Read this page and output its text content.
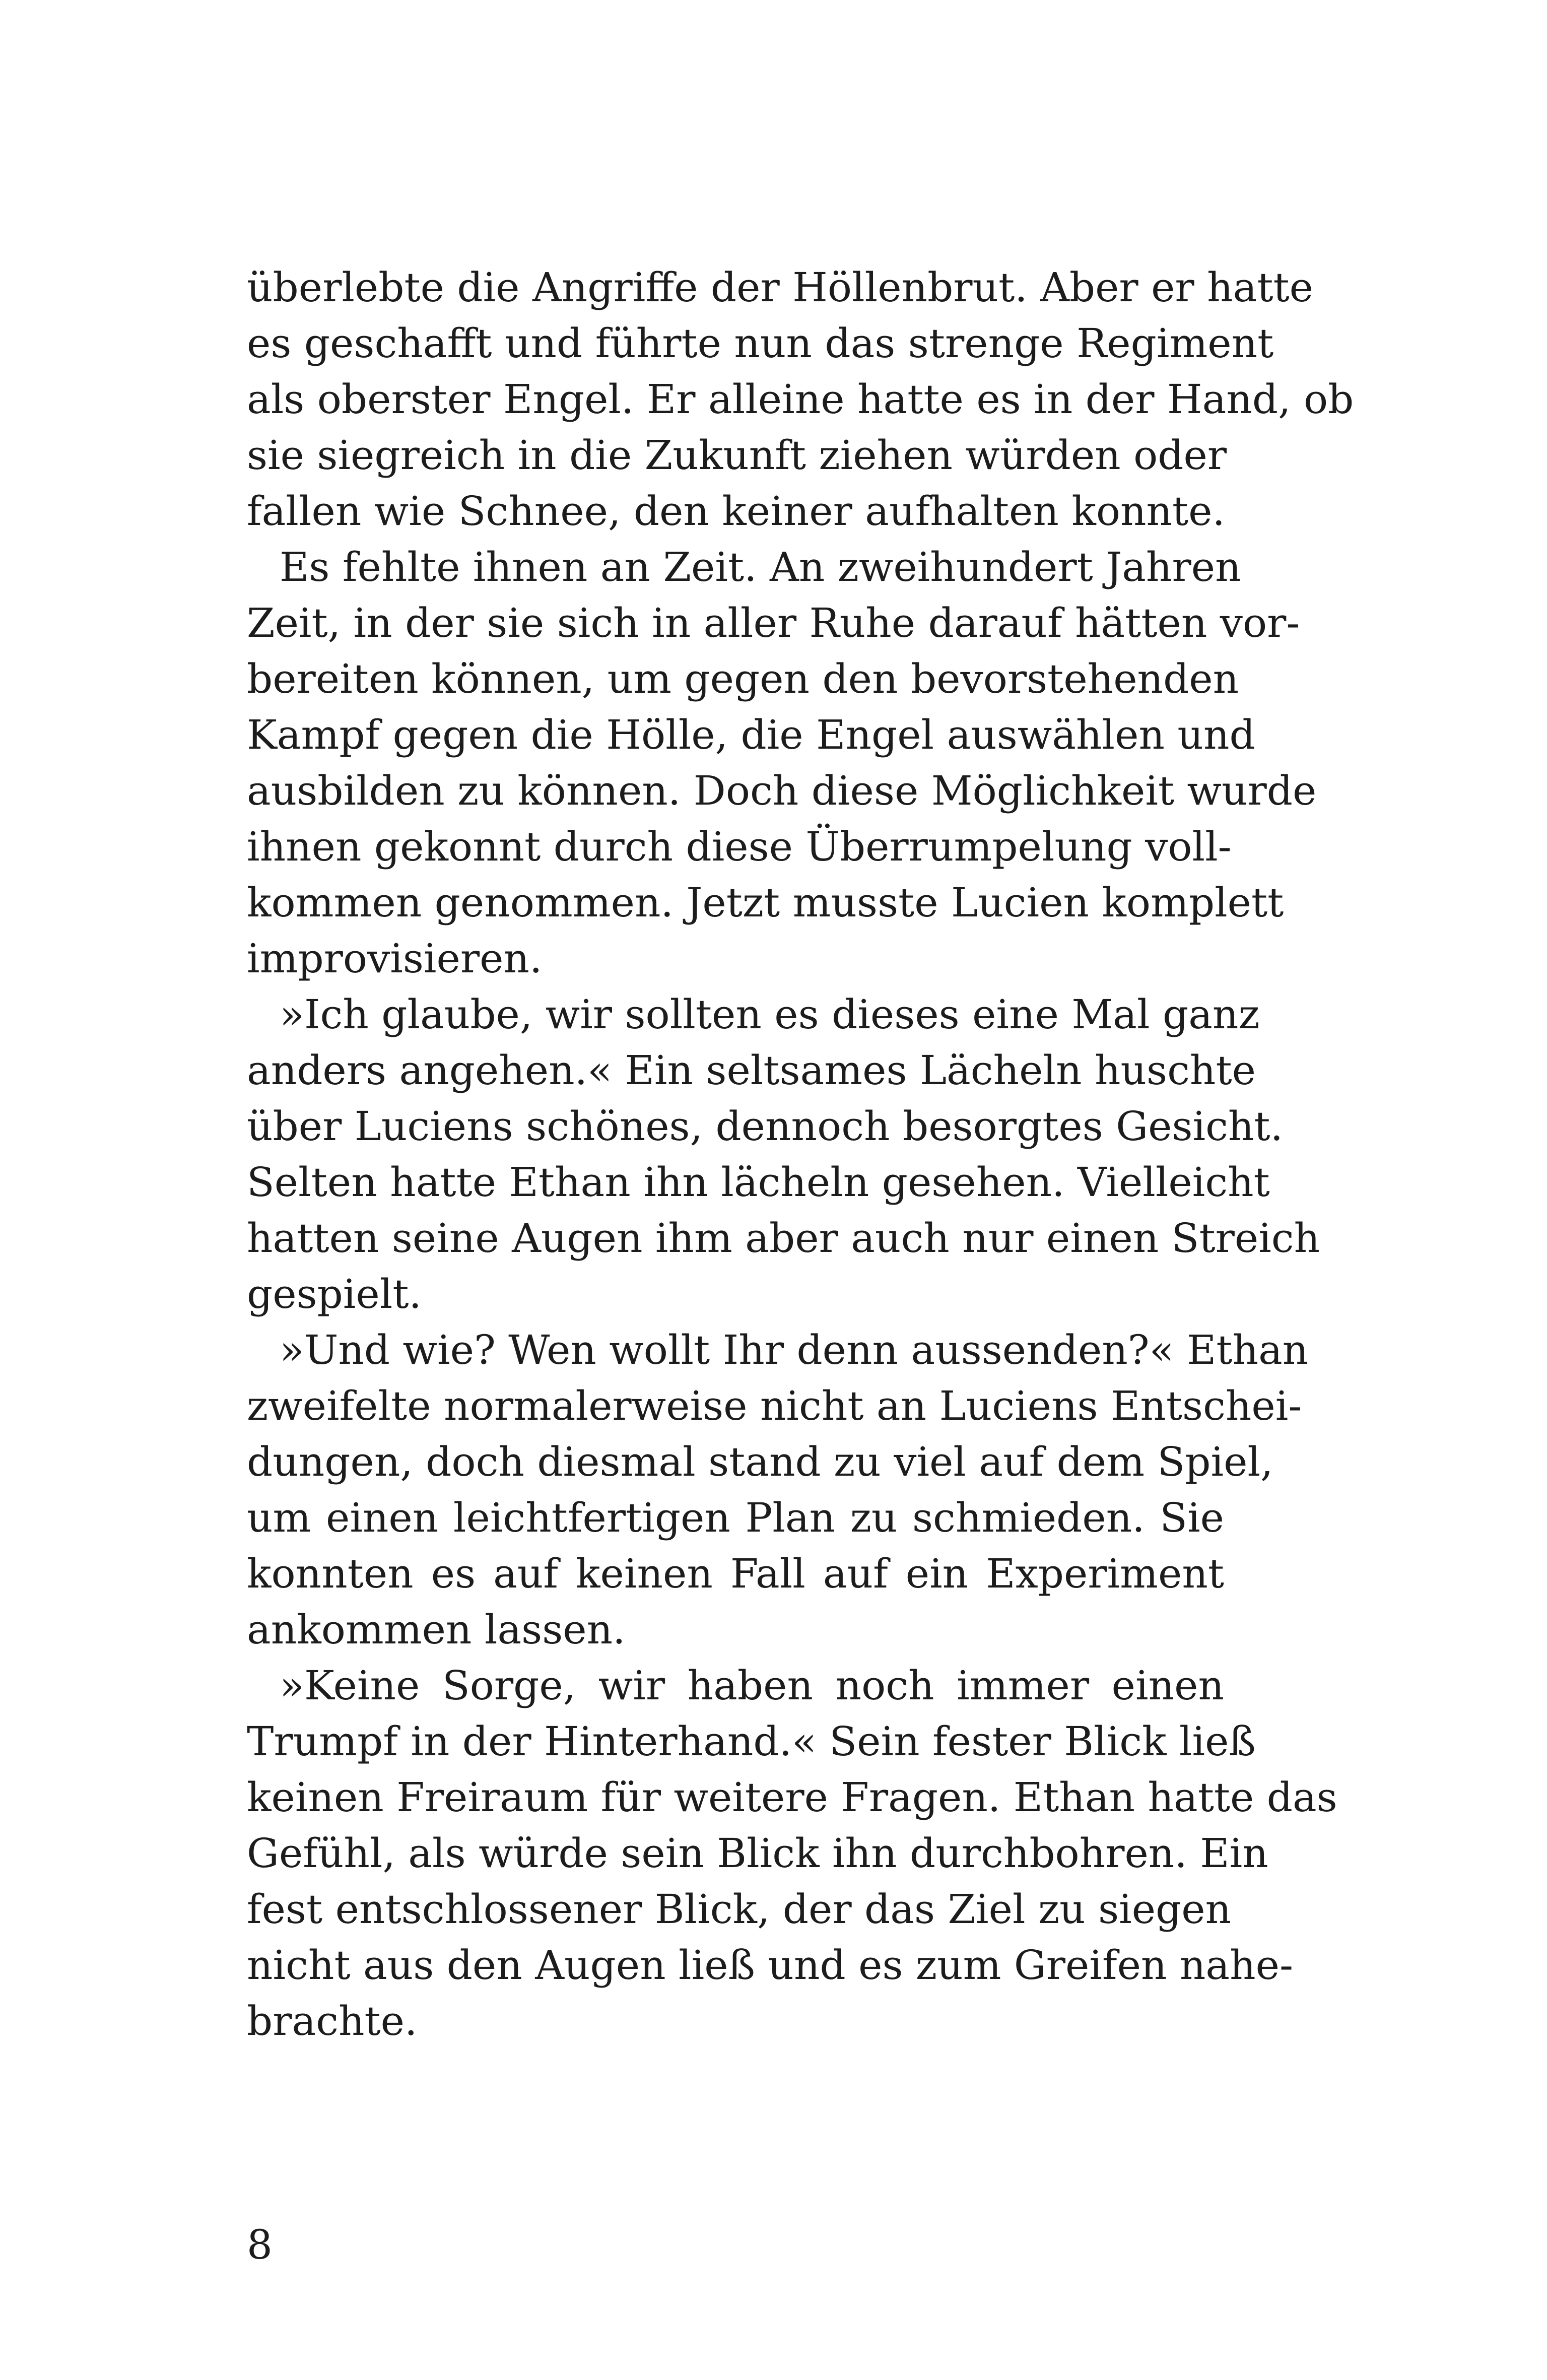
überlebte die Angriffe der Höllenbrut. Aber er hatte
es geschafft und führte nun das strenge Regiment
als oberster Engel. Er alleine hatte es in der Hand, ob
sie siegreich in die Zukunft ziehen würden oder
fallen wie Schnee, den keiner aufhalten konnte.
Es fehlte ihnen an Zeit. An zweihundert Jahren
Zeit, in der sie sich in aller Ruhe darauf hätten vor-
bereiten können, um gegen den bevorstehenden
Kampf gegen die Hölle, die Engel auswählen und
ausbilden zu können. Doch diese Möglichkeit wurde
ihnen gekonnt durch diese Überrumpelung voll-
kommen genommen. Jetzt musste Lucien komplett
improvisieren.
»Ich glaube, wir sollten es dieses eine Mal ganz
anders angehen.« Ein seltsames Lächeln huschte
über Luciens schönes, dennoch besorgtes Gesicht.
Selten hatte Ethan ihn lächeln gesehen. Vielleicht
hatten seine Augen ihm aber auch nur einen Streich
gespielt.
»Und wie? Wen wollt Ihr denn aussenden?« Ethan
zweifelte normalerweise nicht an Luciens Entschei-
dungen, doch diesmal stand zu viel auf dem Spiel,
um einen leichtfertigen Plan zu schmieden. Sie
konnten es auf keinen Fall auf ein Experiment
ankommen lassen.
»Keine Sorge, wir haben noch immer einen
Trumpf in der Hinterhand.« Sein fester Blick ließ
keinen Freiraum für weitere Fragen. Ethan hatte das
Gefühl, als würde sein Blick ihn durchbohren. Ein
fest entschlossener Blick, der das Ziel zu siegen
nicht aus den Augen ließ und es zum Greifen nahe-
brachte.
8
